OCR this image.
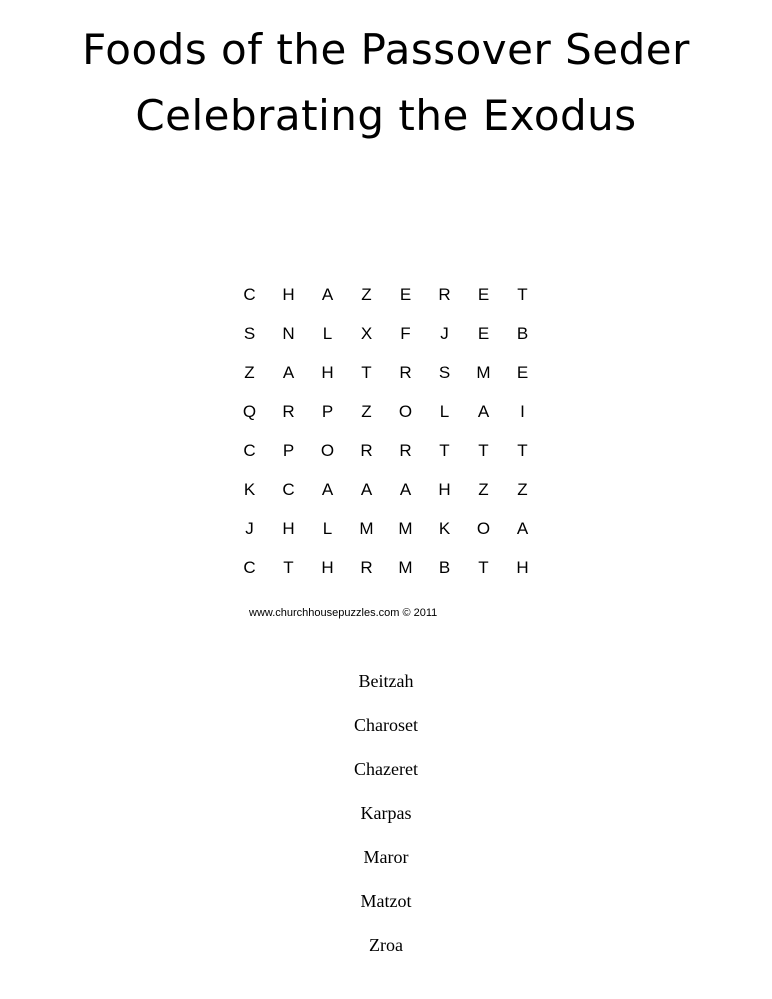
Foods of the Passover Seder
Celebrating the Exodus
C	H	A	Z	E	R	E	T
S	N	L	X	F	J	E	B
Z	A	H	T	R	S	M	E
Q	R	P	Z	O	L	A	I
C	P	O	R	R	T	T	T
K	C	A	A	A	H	Z	Z
J	H	L	M	M	K	O	A
C	T	H	R	M	B	T	H
www.churchhousepuzzles.com © 2011
Beitzah
Charoset
Chazeret
Karpas
Maror
Matzot
Zroa
